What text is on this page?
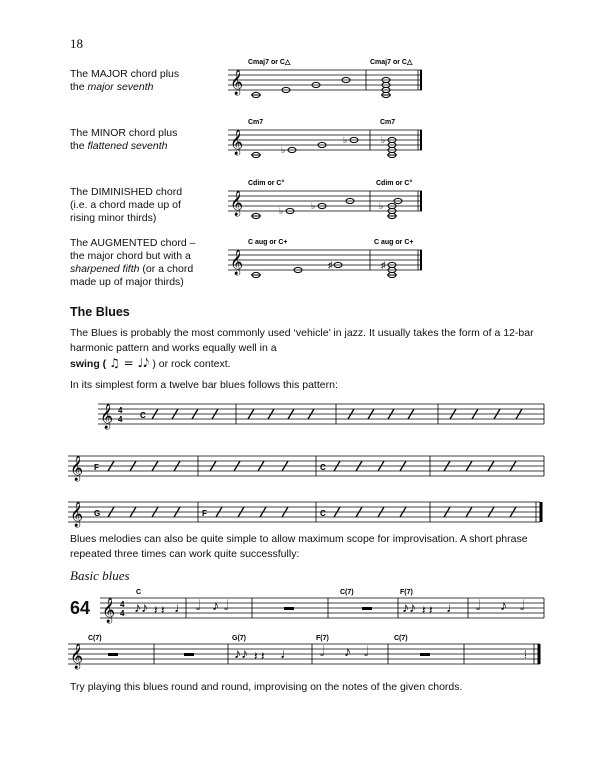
18
The MAJOR chord plus
the major seventh
The MINOR chord plus
the flattened seventh
The DIMINISHED chord
(i.e. a chord made up of
rising minor thirds)
The AUGMENTED chord –
the major chord but with a
sharpened fifth (or a chord
made up of major thirds)
Cmaj7 or C△	Cmaj7 or C△
𝄞
Cm7	Cm7
𝄞	♭
♭	♭
Cdim or C°	Cdim or C°
𝄞	♭	♭	♭
C aug or C+	C aug or C+
𝄞	♯	♯
The Blues
The Blues is probably the most commonly used ‘vehicle’ in jazz. It usually takes the form of a 12-bar harmonic pattern and works equally well in a
swing ( ♫ = ♩𝅘𝅥𝅮 ) or rock context.
In its simplest form a twelve bar blues follows this pattern:
𝄞 4
4 C
𝄞 F	C
𝄞 G	F	C
Blues melodies can also be quite simple to allow maximum scope for improvisation. A short phrase repeated three times can work quite successfully:
Basic blues
64 𝄞 4
4
C	C(7)	F(7)
♪♪ 𝄽 𝄽 ♩ 𝅗𝅥 ♪ 𝅗𝅥	▬	▬ ♪♪ 𝄽 𝄽 ♩ 𝅗𝅥 ♪ 𝅗𝅥
𝄞
C(7)	G(7)	F(7)	C(7)
▬	▬	♪♪ 𝄽 𝄽 ♩ 𝅗𝅥 ♪ 𝅗𝅥	▬	⁞
Try playing this blues round and round, improvising on the notes of the given chords.
